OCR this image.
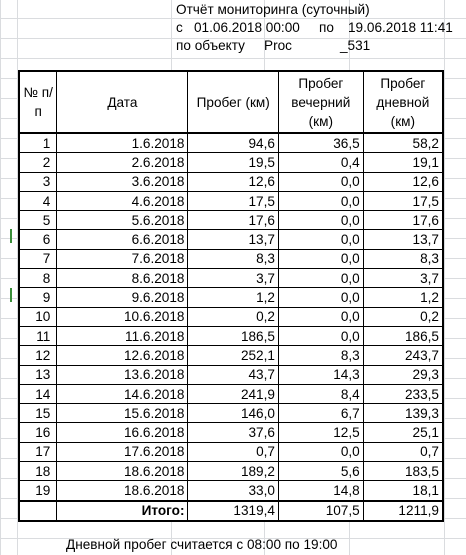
Отчёт мониторинга (суточный)

с

01.06.2018 00:00

по

19.06.2018 11:41

по объекту

Proс

	_531

№ п/п	Дата	Пробег (км)	Пробег вечерний (км)	Пробег дневной (км)
1	1.6.2018	94,6	36,5	58,2
2	2.6.2018	19,5	0,4	19,1
3	3.6.2018	12,6	0,0	12,6
4	4.6.2018	17,5	0,0	17,5
5	5.6.2018	17,6	0,0	17,6
6	6.6.2018	13,7	0,0	13,7
7	7.6.2018	8,3	0,0	8,3
8	8.6.2018	3,7	0,0	3,7
9	9.6.2018	1,2	0,0	1,2
10	10.6.2018	0,2	0,0	0,2
11	11.6.2018	186,5	0,0	186,5
12	12.6.2018	252,1	8,3	243,7
13	13.6.2018	43,7	14,3	29,3
14	14.6.2018	241,9	8,4	233,5
15	15.6.2018	146,0	6,7	139,3
16	16.6.2018	37,6	12,5	25,1
17	17.6.2018	0,7	0,0	0,7
18	18.6.2018	189,2	5,6	183,5
19	18.6.2018	33,0	14,8	18,1
	Итого:	1319,4	107,5	1211,9
Дневной пробег считается с 08:00 по 19:00
